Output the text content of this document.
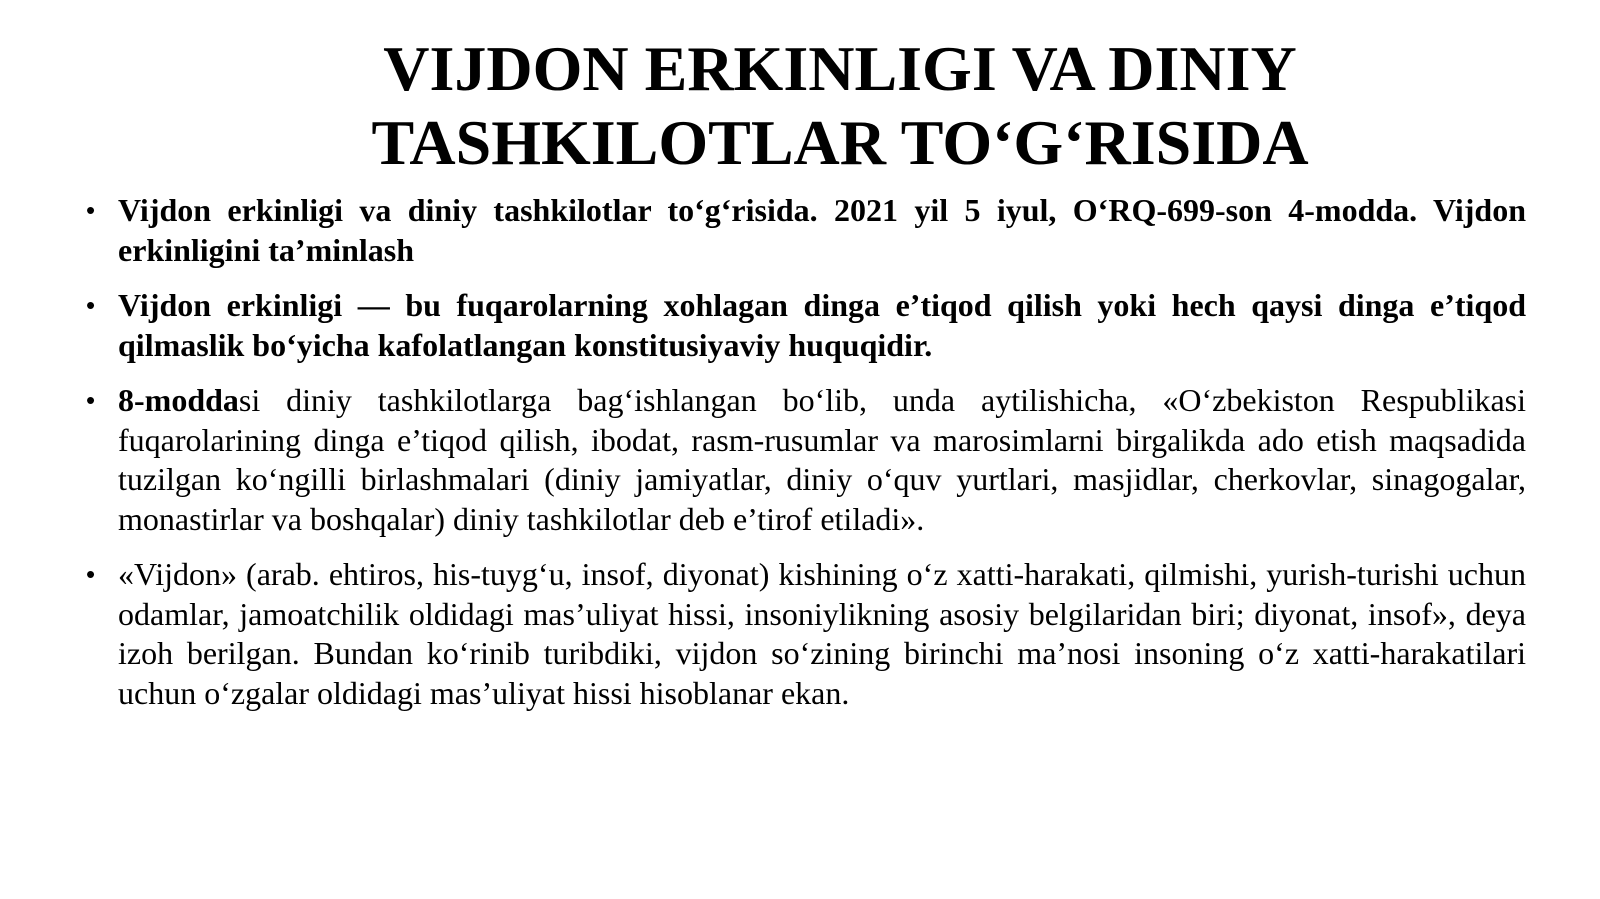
VIJDON ERKINLIGI VA DINIY
TASHKILOTLAR TO‘G‘RISIDA
• Vijdon erkinligi va diniy tashkilotlar to‘g‘risida. 2021 yil 5 iyul, O‘RQ-699-son 4-modda. Vijdon erkinligini ta’minlash
• Vijdon erkinligi — bu fuqarolarning xohlagan dinga e’tiqod qilish yoki hech qaysi dinga e’tiqod qilmaslik bo‘yicha kafolatlangan konstitusiyaviy huquqidir.
• 8-moddasi diniy tashkilotlarga bag‘ishlangan bo‘lib, unda aytilishicha, «O‘zbekiston Respublikasi fuqarolarining dinga e’tiqod qilish, ibodat, rasm-rusumlar va marosimlarni birgalikda ado etish maqsadida tuzilgan ko‘ngilli birlashmalari (diniy jamiyatlar, diniy o‘quv yurtlari, masjidlar, cherkovlar, sinagogalar, monastirlar va boshqalar) diniy tashkilotlar deb e’tirof etiladi».
• «Vijdon» (arab. ehtiros, his-tuyg‘u, insof, diyonat) kishining o‘z xatti-harakati, qilmishi, yurish-turishi uchun odamlar, jamoatchilik oldidagi mas’uliyat hissi, insoniylikning asosiy belgilaridan biri; diyonat, insof», deya izoh berilgan. Bundan ko‘rinib turibdiki, vijdon so‘zining birinchi ma’nosi insoning o‘z xatti-harakatilari uchun o‘zgalar oldidagi mas’uliyat hissi hisoblanar ekan.
